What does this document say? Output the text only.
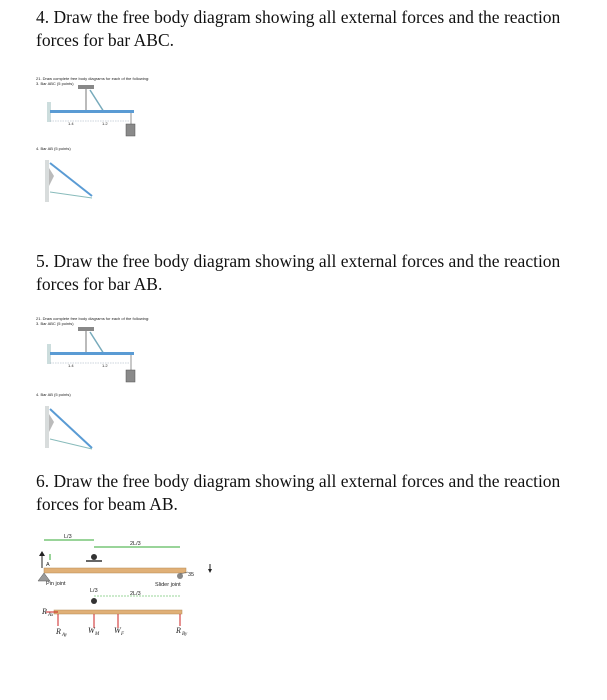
4. Draw the free body diagram showing all external forces and the reaction forces for bar ABC.
21. Draw complete free body diagrams for each of the following:
3. Bar ABC (5 points)
1.4	1.2
4. Bar AB (5 points)
5. Draw the free body diagram showing all external forces and the reaction forces for bar AB.
21. Draw complete free body diagrams for each of the following:
3. Bar ABC (5 points)
1.4	1.2
4. Bar AB (5 points)
6. Draw the free body diagram showing all external forces and the reaction forces for beam AB.
L/3
2L/3
A
Pin joint
35
Slider joint
L/3	2L/3
R Ax
R Ay
W M W F	R By
